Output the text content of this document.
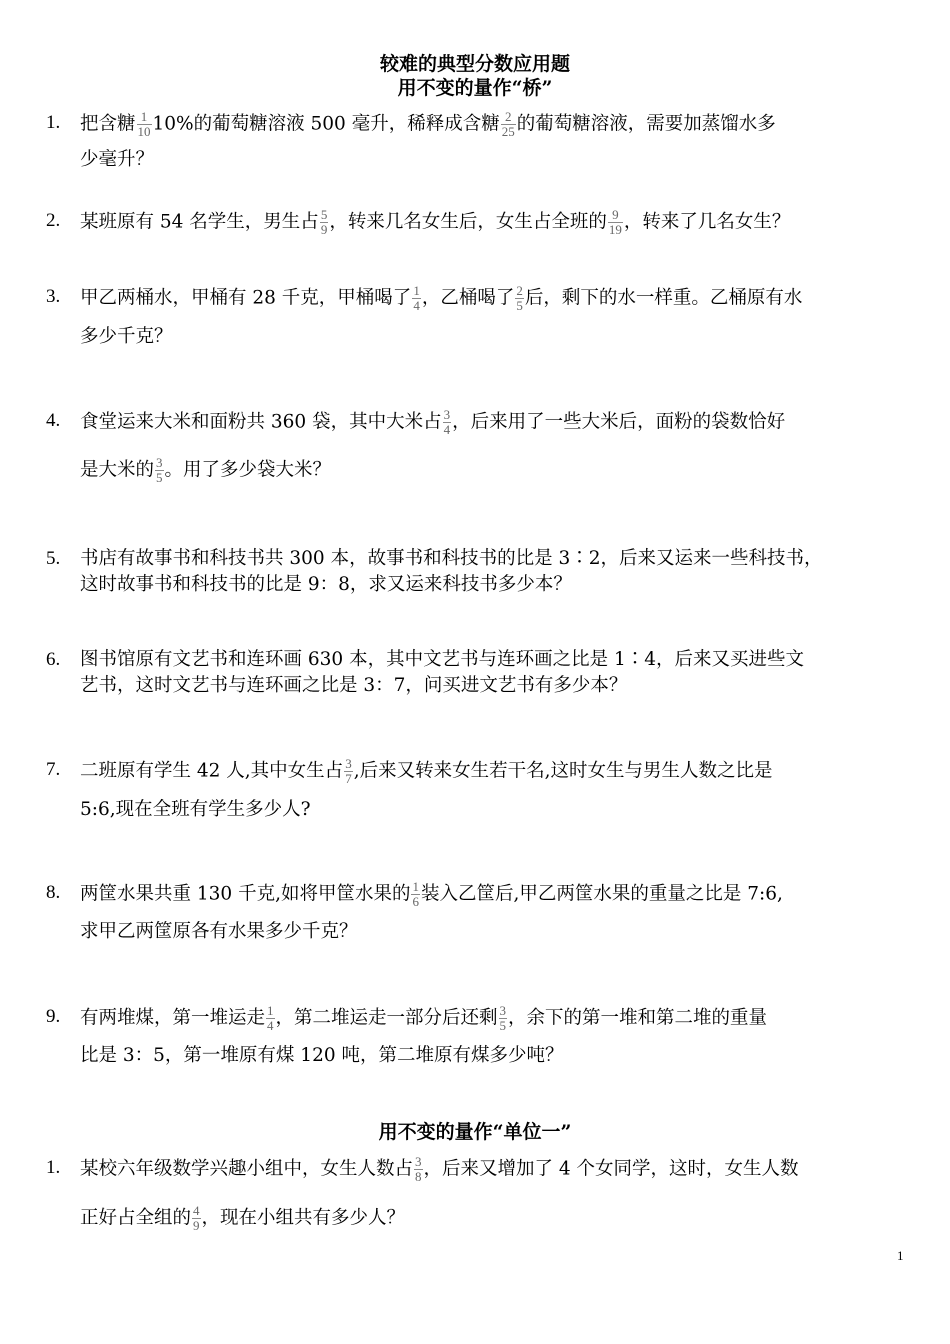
较难的典型分数应用题
用不变的量作“桥”
1.	把含糖 $\frac{1}{10} 10\%$的葡萄糖溶液 500 毫升，稀释成含糖 $\frac{2}{25}$ 的葡萄糖溶液，需要加蒸馏水多
少毫升？
2.	某班原有 54 名学生，男生占 $\frac{5}{9}$ ，转来几名女生后，女生占全班的 $\frac{9}{19}$ ，转来了几名女生？
3.	甲乙两桶水，甲桶有 28 千克，甲桶喝了 $\frac{1}{4}$ ，乙桶喝了 $\frac{2}{5}$ 后，剩下的水一样重。乙桶原有水
多少千克？
4.	食堂运来大米和面粉共 360 袋，其中大米占 $\frac{3}{4}$ ，后来用了一些大米后，面粉的袋数恰好
是大米的 $\frac{3}{5}$ 。用了多少袋大米？
5.	书店有故事书和科技书共 300 本，故事书和科技书的比是 3∶2，后来又运来一些科技书，
这时故事书和科技书的比是 9：8，求又运来科技书多少本？
6.	图书馆原有文艺书和连环画 630 本，其中文艺书与连环画之比是 1∶4，后来又买进些文
艺书，这时文艺书与连环画之比是 3：7，问买进文艺书有多少本？
7.	二班原有学生 42 人,其中女生占 $\frac{3}{7}$ ,后来又转来女生若干名,这时女生与男生人数之比是
5:6,现在全班有学生多少人?
8.	两筐水果共重 130 千克,如将甲筐水果的 $\frac{1}{6}$ 装入乙筐后,甲乙两筐水果的重量之比是 7:6,
求甲乙两筐原各有水果多少千克？
9.	有两堆煤，第一堆运走 $\frac{1}{4}$ ，第二堆运走一部分后还剩 $\frac{3}{5}$ ，余下的第一堆和第二堆的重量
比是 3：5，第一堆原有煤 120 吨，第二堆原有煤多少吨？
用不变的量作“单位一”
1.	某校六年级数学兴趣小组中，女生人数占 $\frac{3}{8}$ ，后来又增加了 4 个女同学，这时，女生人数
正好占全组的 $\frac{4}{9}$ ，现在小组共有多少人？
1
